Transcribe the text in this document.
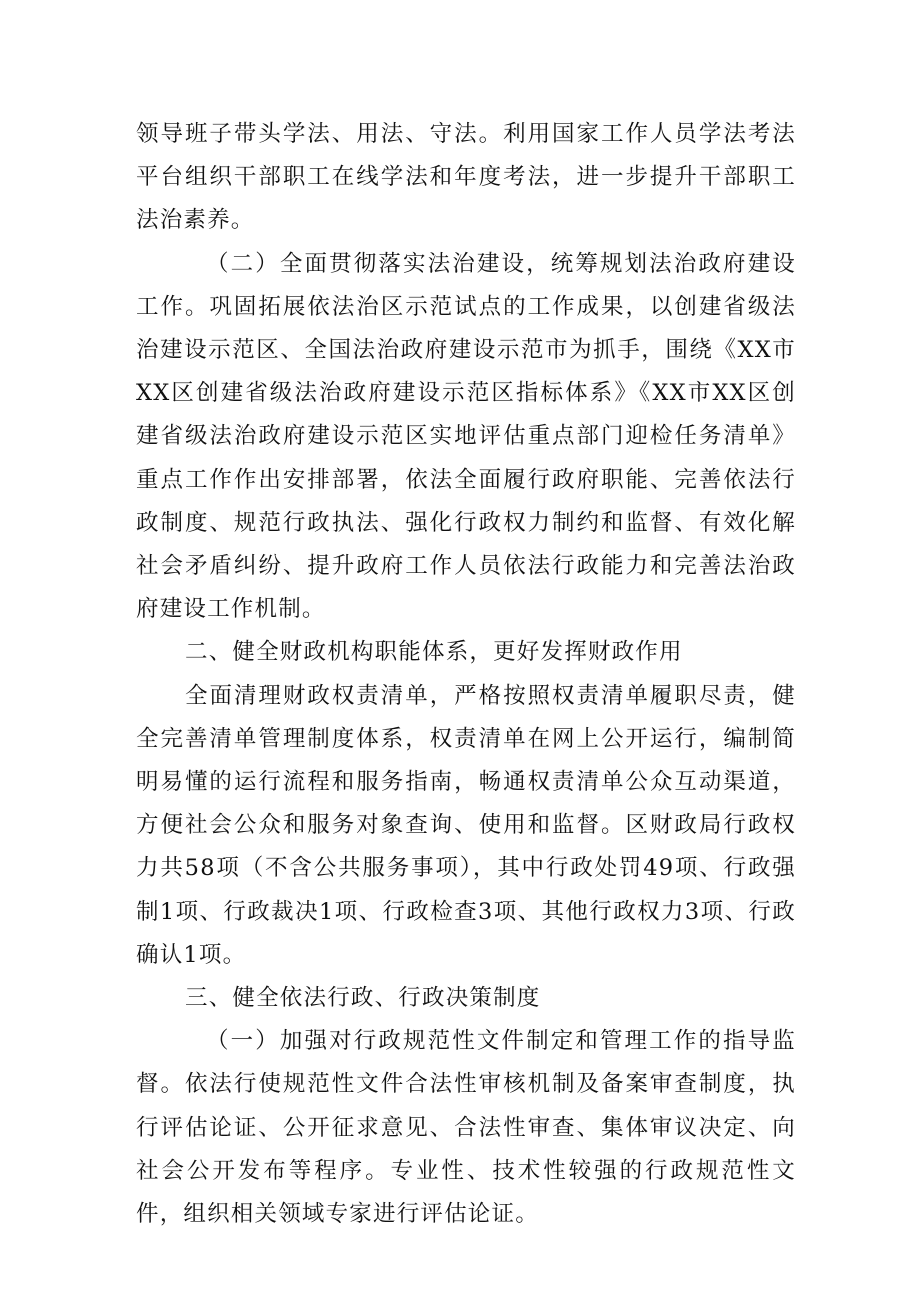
领导班子带头学法、用法、守法。利用国家工作人员学法考法平台组织干部职工在线学法和年度考法，进一步提升干部职工法治素养。

（二）全面贯彻落实法治建设，统筹规划法治政府建设工作。巩固拓展依法治区示范试点的工作成果，以创建省级法治建设示范区、全国法治政府建设示范市为抓手，围绕《XX市XX区创建省级法治政府建设示范区指标体系》《XX市XX区创建省级法治政府建设示范区实地评估重点部门迎检任务清单》重点工作作出安排部署，依法全面履行政府职能、完善依法行政制度、规范行政执法、强化行政权力制约和监督、有效化解社会矛盾纠纷、提升政府工作人员依法行政能力和完善法治政府建设工作机制。

二、健全财政机构职能体系，更好发挥财政作用

全面清理财政权责清单，严格按照权责清单履职尽责，健全完善清单管理制度体系，权责清单在网上公开运行，编制简明易懂的运行流程和服务指南，畅通权责清单公众互动渠道，方便社会公众和服务对象查询、使用和监督。区财政局行政权力共58项（不含公共服务事项），其中行政处罚49项、行政强制1项、行政裁决1项、行政检查3项、其他行政权力3项、行政确认1项。

三、健全依法行政、行政决策制度

（一）加强对行政规范性文件制定和管理工作的指导监督。依法行使规范性文件合法性审核机制及备案审查制度，执行评估论证、公开征求意见、合法性审查、集体审议决定、向社会公开发布等程序。专业性、技术性较强的行政规范性文件，组织相关领域专家进行评估论证。
